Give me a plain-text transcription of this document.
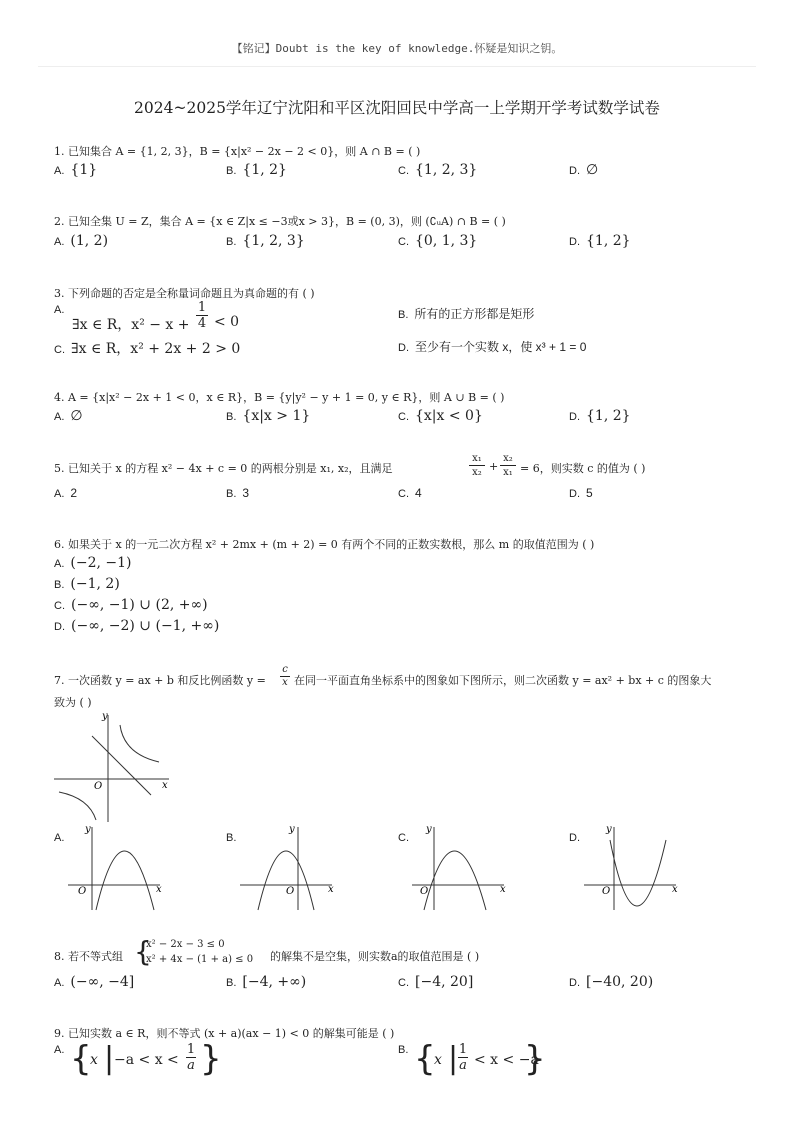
【铭记】Doubt is the key of knowledge.怀疑是知识之钥。
2024~2025学年辽宁沈阳和平区沈阳回民中学高一上学期开学考试数学试卷
1. 已知集合 A = {1, 2, 3}，B = {x|x² − 2x − 2 < 0}，则 A ∩ B = ( )
A. {1}	B. {1, 2}	C. {1, 2, 3}	D. ∅
2. 已知全集 U = Z，集合 A = {x ∈ Z|x ≤ −3或x > 3}，B = (0, 3)，则 (∁ᵤA) ∩ B = ( )
A. (1, 2)	B. {1, 2, 3}	C. {0, 1, 3}	D. {1, 2}
3. 下列命题的否定是全称量词命题且为真命题的有 ( )
A.
∃x ∈ R，x² − x +
1
4 < 0	B. 所有的正方形都是矩形
C. ∃x ∈ R，x² + 2x + 2 > 0	D. 至少有一个实数 x，使 x³ + 1 = 0
4. A = {x|x² − 2x + 1 < 0，x ∈ R}，B = {y|y² − y + 1 = 0, y ∈ R}，则 A ∪ B = ( )
A. ∅	B. {x|x > 1}	C. {x|x < 0}	D. {1, 2}
5. 已知关于 x 的方程 x² − 4x + c = 0 的两根分别是 x₁, x₂，且满足
x₁
x₂ +
x₂
x₁ = 6，则实数 c 的值为 ( )
A. 2	B. 3	C. 4	D. 5
6. 如果关于 x 的一元二次方程 x² + 2mx + (m + 2) = 0 有两个不同的正数实数根，那么 m 的取值范围为 ( )
A. (−2, −1)
B. (−1, 2)
C. (−∞, −1) ∪ (2, +∞)
D. (−∞, −2) ∪ (−1, +∞)
7. 一次函数 y = ax + b 和反比例函数 y =
c
x 在同一平面直角坐标系中的图象如下图所示，则二次函数 y = ax² + bx + c 的图象大
致为 ( )
y
x
O
A.
y
x
O
B.
y
x
O
C.
y
x
O
D.
y
x
O
8. 若不等式组 {
x² − 2x − 3 ≤ 0
x² + 4x − (1 + a) ≤ 0 的解集不是空集，则实数a的取值范围是 ( )
A. (−∞, −4]	B. [−4, +∞)	C. [−4, 20]	D. [−40, 20)
9. 已知实数 a ∈ R，则不等式 (x + a)(ax − 1) < 0 的解集可能是 ( )
A. {
x | −a < x <
1
a }	B. {
x | 1
a < x < −a
}
